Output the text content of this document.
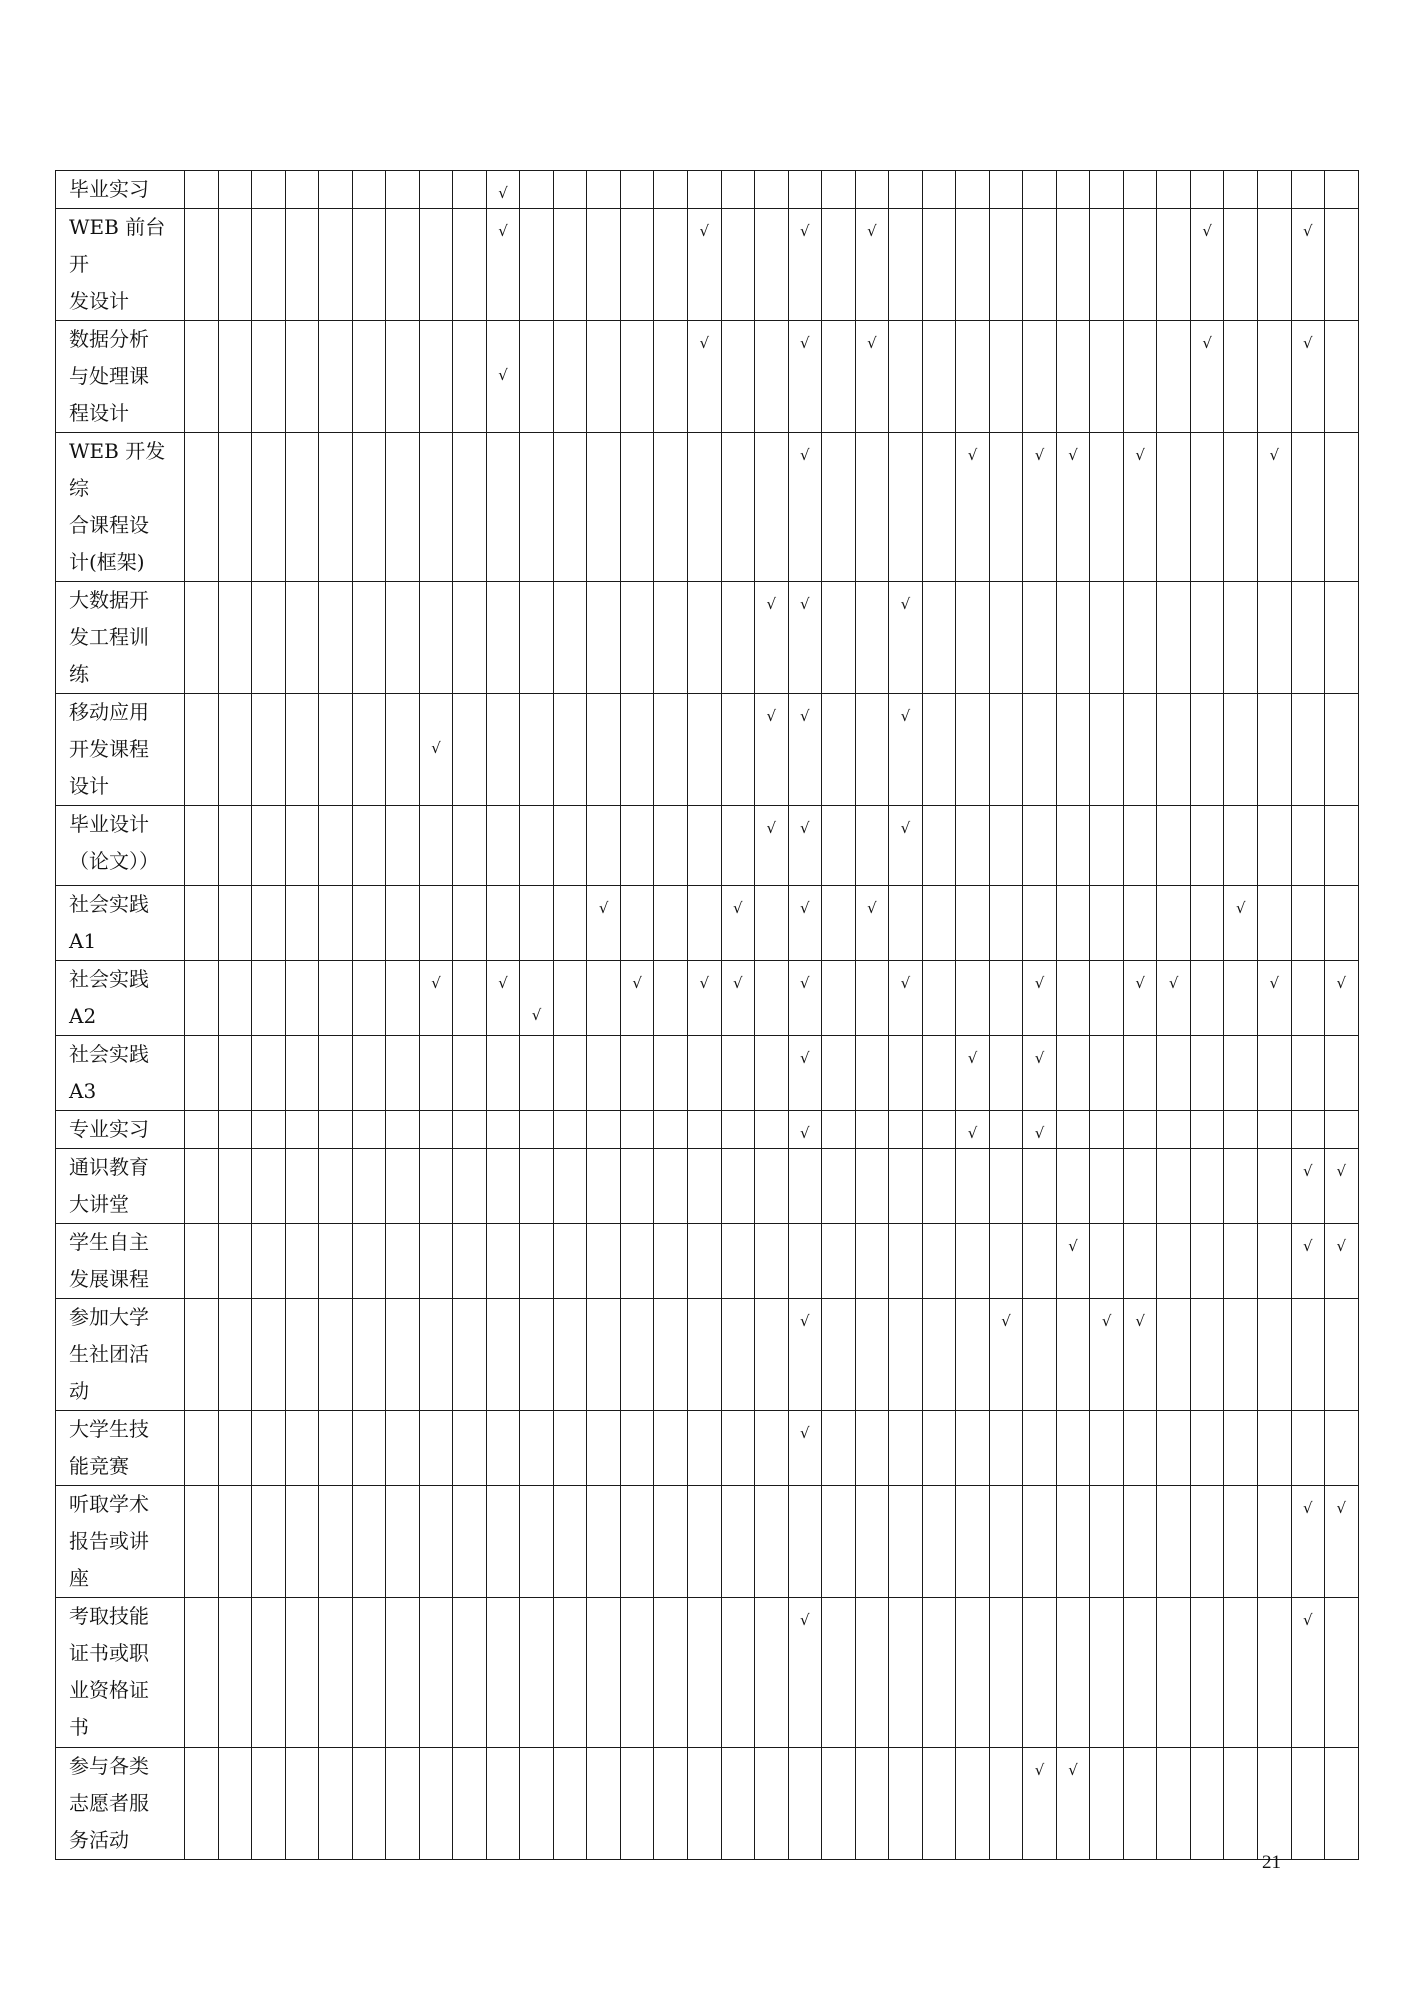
毕业实习										√																									
WEB 前台开
发设计										√						√			√		√										√			√	
数据分析
与处理课
程设计										√						√			√		√										√			√	
WEB 开发综
合课程设
计(框架)																			√					√		√	√		√				√		
大数据开
发工程训
练																		√	√			√													
移动应用
开发课程
设计								√										√	√			√													
毕业设计
（论文））																		√	√			√													
社会实践
A1													√				√		√		√											√			
社会实践
A2								√		√	√			√		√	√		√			√				√			√	√			√		√
社会实践
A3																			√					√		√									
专业实习																			√					√		√									
通识教育
大讲堂																																		√	√
学生自主
发展课程																											√							√	√
参加大学
生社团活
动																			√						√			√	√						
大学生技
能竞赛																			√																
听取学术
报告或讲
座																																		√	√
考取技能
证书或职
业资格证
书																			√															√	
参与各类
志愿者服
务活动																										√	√								
21
